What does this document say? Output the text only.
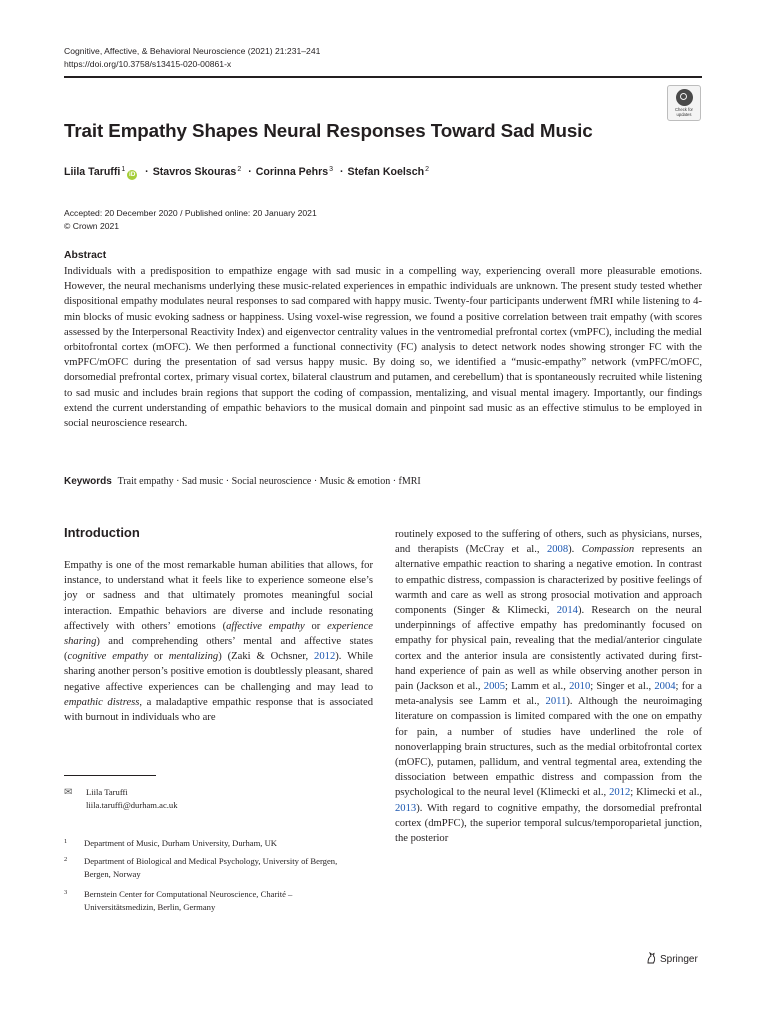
Cognitive, Affective, & Behavioral Neuroscience (2021) 21:231–241
https://doi.org/10.3758/s13415-020-00861-x
Check for
updates
Trait Empathy Shapes Neural Responses Toward Sad Music
Liila Taruffi$^1$iD · Stavros Skouras$^2$ · Corinna Pehrs$^3$ · Stefan Koelsch$^2$
Accepted: 20 December 2020 / Published online: 20 January 2021
© Crown 2021
Abstract
Individuals with a predisposition to empathize engage with sad music in a compelling way, experiencing overall more pleasurable emotions. However, the neural mechanisms underlying these music-related experiences in empathic individuals are unknown. The present study tested whether dispositional empathy modulates neural responses to sad compared with happy music. Twenty-four participants underwent fMRI while listening to 4-min blocks of music evoking sadness or happiness. Using voxel-wise regression, we found a positive correlation between trait empathy (with scores assessed by the Interpersonal Reactivity Index) and eigenvector centrality values in the ventromedial prefrontal cortex (vmPFC), including the medial orbitofrontal cortex (mOFC). We then performed a functional connectivity (FC) analysis to detect network nodes showing stronger FC with the vmPFC/mOFC during the presentation of sad versus happy music. By doing so, we identified a “music-empathy” network (vmPFC/mOFC, dorsomedial prefrontal cortex, primary visual cortex, bilateral claustrum and putamen, and cerebellum) that is spontaneously recruited while listening to sad music and includes brain regions that support the coding of compassion, mentalizing, and visual mental imagery. Importantly, our findings extend the current understanding of empathic behaviors to the musical domain and pinpoint sad music as an effective stimulus to be employed in social neuroscience research.
Keywords Trait empathy · Sad music · Social neuroscience · Music & emotion · fMRI
Introduction
Empathy is one of the most remarkable human abilities that allows, for instance, to understand what it feels like to experience someone else’s joy or sadness and that ultimately promotes meaningful social interaction. Empathic behaviors are diverse and include resonating affectively with others’ emotions (affective empathy or experience sharing) and comprehending others’ mental and affective states (cognitive empathy or mentalizing) (Zaki & Ochsner, 2012). While sharing another person’s positive emotion is doubtlessly pleasant, shared negative affective experiences can be challenging and may lead to empathic distress, a maladaptive empathic response that is associated with burnout in individuals who are
routinely exposed to the suffering of others, such as physicians, nurses, and therapists (McCray et al., 2008). Compassion represents an alternative empathic reaction to sharing a negative emotion. In contrast to empathic distress, compassion is characterized by positive feelings of warmth and care as well as strong prosocial motivation and approach components (Singer & Klimecki, 2014). Research on the neural underpinnings of affective empathy has predominantly focused on empathy for physical pain, revealing that the medial/anterior cingulate cortex and the anterior insula are consistently activated during first-hand experience of pain as well as while observing another person in pain (Jackson et al., 2005; Lamm et al., 2010; Singer et al., 2004; for a meta-analysis see Lamm et al., 2011). Although the neuroimaging literature on compassion is limited compared with the one on empathy for pain, a number of studies have underlined the role of nonoverlapping brain structures, such as the medial orbitofrontal cortex (mOFC), putamen, pallidum, and ventral tegmental area, extending the dissociation between empathic distress and compassion from the psychological to the neural level (Klimecki et al., 2012; Klimecki et al., 2013). With regard to cognitive empathy, the dorsomedial prefrontal cortex (dmPFC), the superior temporal sulcus/temporoparietal junction, the posterior
✉ Liila Taruffi
liila.taruffi@durham.ac.uk
1 Department of Music, Durham University, Durham, UK
2 Department of Biological and Medical Psychology, University of Bergen, Bergen, Norway
3 Bernstein Center for Computational Neuroscience, Charité – Universitätsmedizin, Berlin, Germany
Springer
